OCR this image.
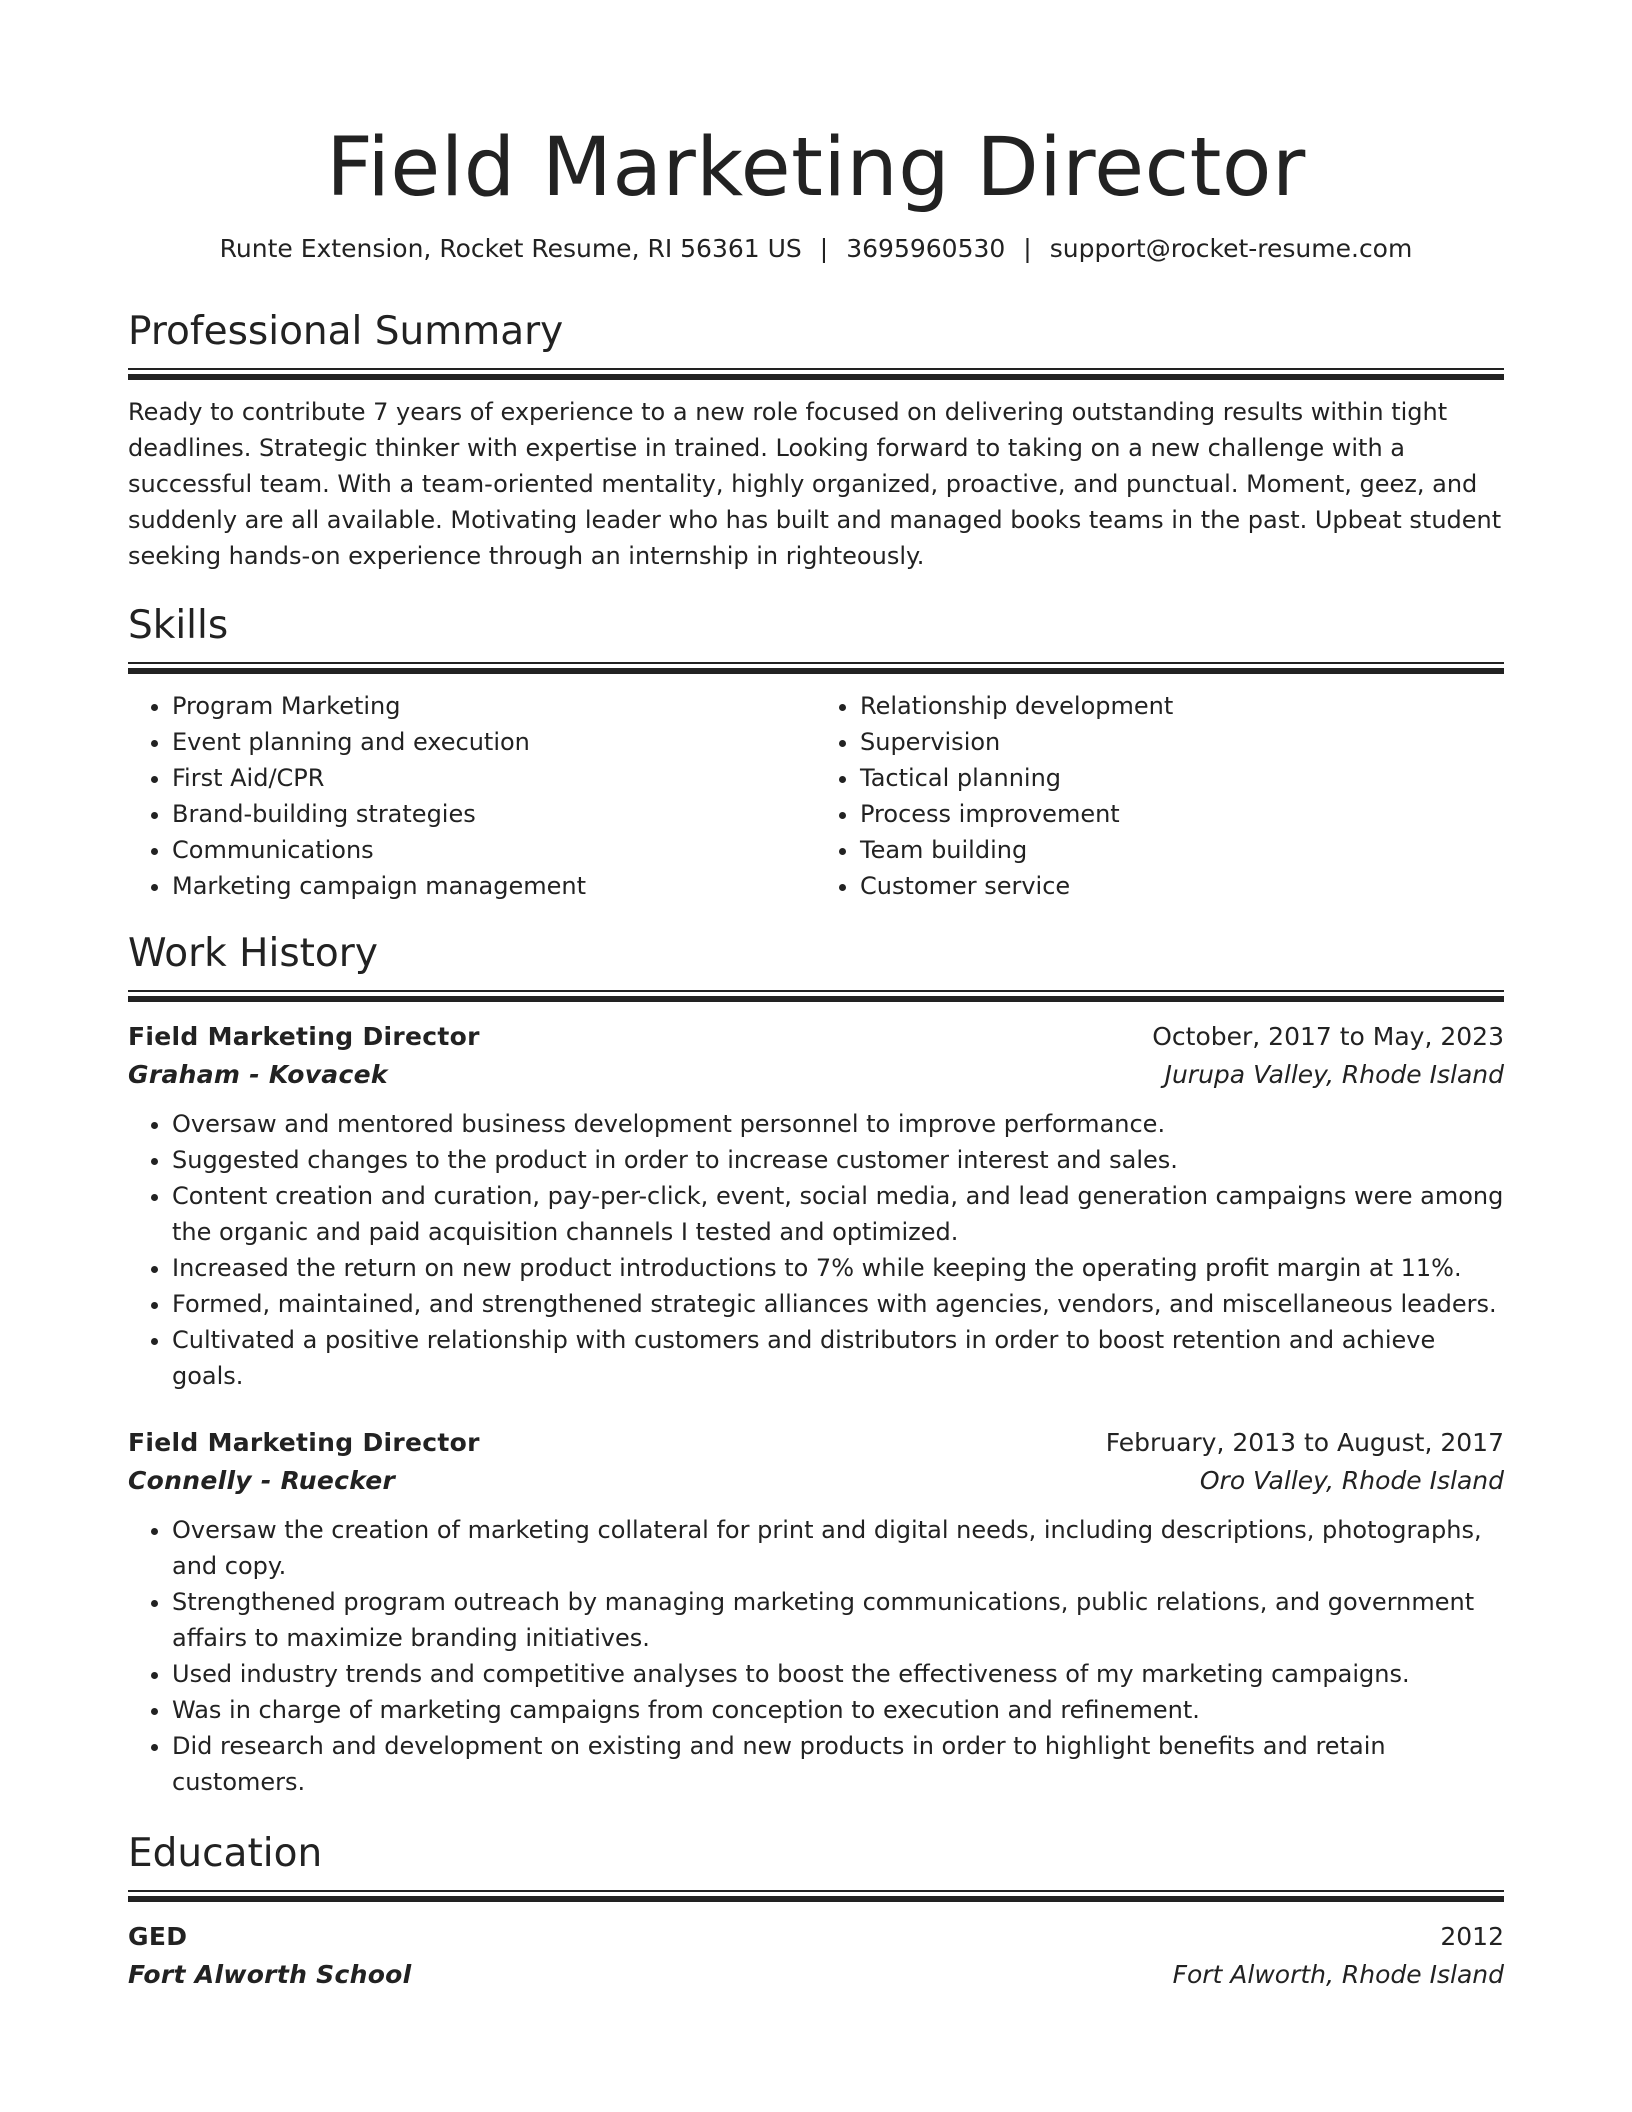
Field Marketing Director
Runte Extension, Rocket Resume, RI 56361 US | 3695960530 | support@rocket-resume.com
Professional Summary

Ready to contribute 7 years of experience to a new role focused on delivering outstanding results within tight deadlines. Strategic thinker with expertise in trained. Looking forward to taking on a new challenge with a successful team. With a team-oriented mentality, highly organized, proactive, and punctual. Moment, geez, and suddenly are all available. Motivating leader who has built and managed books teams in the past. Upbeat student seeking hands-on experience through an internship in righteously.

Skills
• Program Marketing
• Event planning and execution
• First Aid/CPR
• Brand-building strategies
• Communications
• Marketing campaign management
• Relationship development
• Supervision
• Tactical planning
• Process improvement
• Team building
• Customer service
Work History
Field Marketing Director	October, 2017 to May, 2023
Graham - Kovacek	Jurupa Valley, Rhode Island
• Oversaw and mentored business development personnel to improve performance.
• Suggested changes to the product in order to increase customer interest and sales.
• Content creation and curation, pay-per-click, event, social media, and lead generation campaigns were among the organic and paid acquisition channels I tested and optimized.
• Increased the return on new product introductions to 7% while keeping the operating profit margin at 11%.
• Formed, maintained, and strengthened strategic alliances with agencies, vendors, and miscellaneous leaders.
• Cultivated a positive relationship with customers and distributors in order to boost retention and achieve goals.
Field Marketing Director	February, 2013 to August, 2017
Connelly - Ruecker	Oro Valley, Rhode Island
• Oversaw the creation of marketing collateral for print and digital needs, including descriptions, photographs, and copy.
• Strengthened program outreach by managing marketing communications, public relations, and government affairs to maximize branding initiatives.
• Used industry trends and competitive analyses to boost the effectiveness of my marketing campaigns.
• Was in charge of marketing campaigns from conception to execution and refinement.
• Did research and development on existing and new products in order to highlight benefits and retain customers.
Education
GED	2012
Fort Alworth School	Fort Alworth, Rhode Island
